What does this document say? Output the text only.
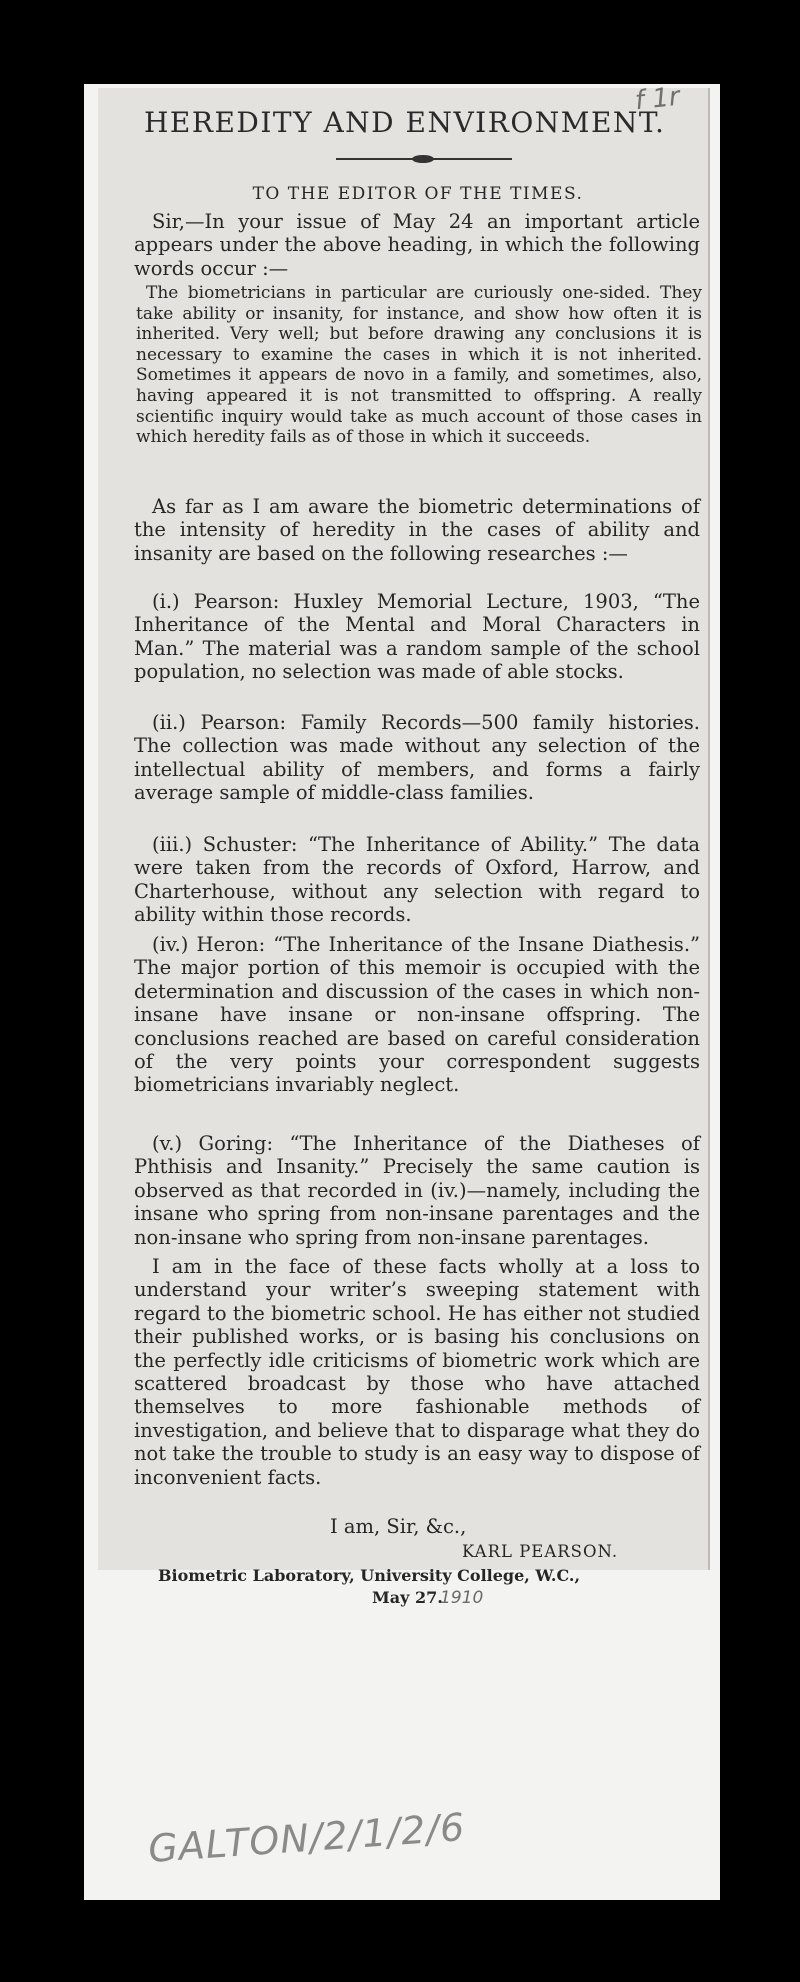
f 1r
HEREDITY AND ENVIRONMENT.

TO THE EDITOR OF THE TIMES.

Sir,—In your issue of May 24 an important article appears under the above heading, in which the following words occur :—

The biometricians in particular are curiously one-sided. They take ability or insanity, for instance, and show how often it is inherited. Very well; but before drawing any conclusions it is necessary to examine the cases in which it is not inherited. Sometimes it appears de novo in a family, and sometimes, also, having appeared it is not transmitted to offspring. A really scientific inquiry would take as much account of those cases in which heredity fails as of those in which it succeeds.

As far as I am aware the biometric determinations of the intensity of heredity in the cases of ability and insanity are based on the following researches :—

(i.) Pearson: Huxley Memorial Lecture, 1903, “The Inheritance of the Mental and Moral Characters in Man.” The material was a random sample of the school population, no selection was made of able stocks.

(ii.) Pearson: Family Records—500 family histories. The collection was made without any selection of the intellectual ability of members, and forms a fairly average sample of middle-class families.

(iii.) Schuster: “The Inheritance of Ability.” The data were taken from the records of Oxford, Harrow, and Charterhouse, without any selection with regard to ability within those records.

(iv.) Heron: “The Inheritance of the Insane Diathesis.” The major portion of this memoir is occupied with the determination and discussion of the cases in which non-insane have insane or non-insane offspring. The conclusions reached are based on careful consideration of the very points your correspondent suggests biometricians invariably neglect.

(v.) Goring: “The Inheritance of the Diatheses of Phthisis and Insanity.” Precisely the same caution is observed as that recorded in (iv.)—namely, including the insane who spring from non-insane parentages and the non-insane who spring from non-insane parentages.

I am in the face of these facts wholly at a loss to understand your writer’s sweeping statement with regard to the biometric school. He has either not studied their published works, or is basing his conclusions on the perfectly idle criticisms of biometric work which are scattered broadcast by those who have attached themselves to more fashionable methods of investigation, and believe that to disparage what they do not take the trouble to study is an easy way to dispose of inconvenient facts.

I am, Sir, &c.,
KARL PEARSON.
Biometric Laboratory, University College, W.C.,
May 27.
1910
GALTON/2/1/2/6
